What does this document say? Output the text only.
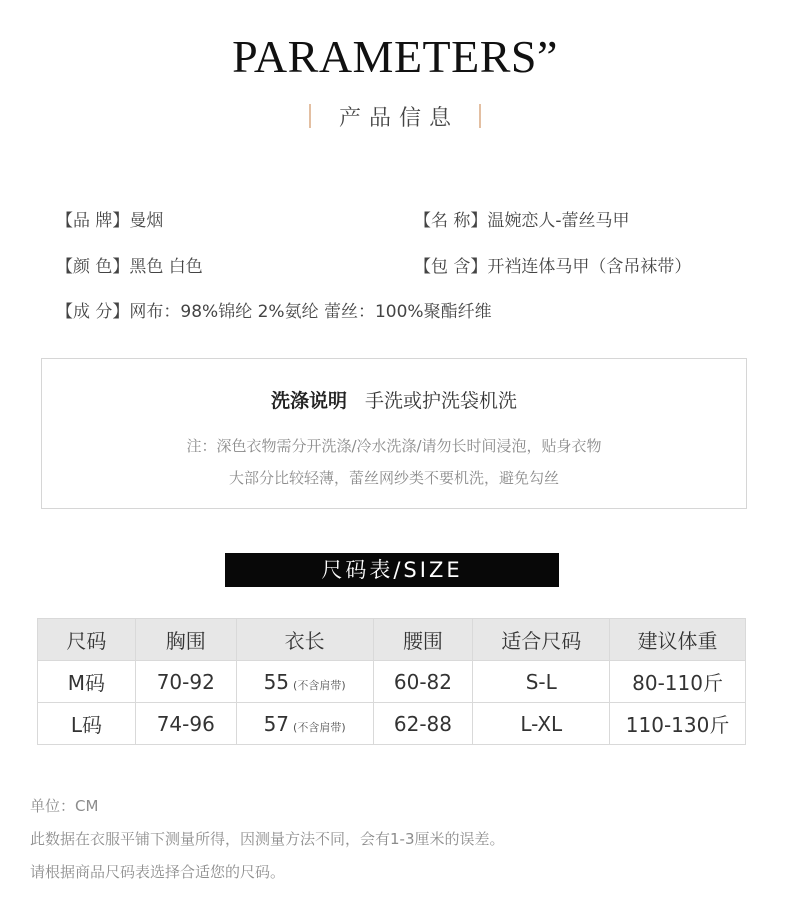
PARAMETERS”
产品信息
【品 牌】曼烟	【名 称】温婉恋人-蕾丝马甲
【颜 色】黑色 白色	【包 含】开裆连体马甲（含吊袜带）
【成 分】网布：98%锦纶 2%氨纶 蕾丝：100%聚酯纤维
洗涤说明 手洗或护洗袋机洗
注：深色衣物需分开洗涤/冷水洗涤/请勿长时间浸泡，贴身衣物
大部分比较轻薄，蕾丝网纱类不要机洗，避免勾丝
尺码表/SIZE
尺码	胸围	衣长	腰围	适合尺码	建议体重
M码	70-92	55 (不含肩带)	60-82	S-L	80-110斤
L码	74-96	57 (不含肩带)	62-88	L-XL	110-130斤
单位：CM
此数据在衣服平铺下测量所得，因测量方法不同，会有1-3厘米的误差。
请根据商品尺码表选择合适您的尺码。
